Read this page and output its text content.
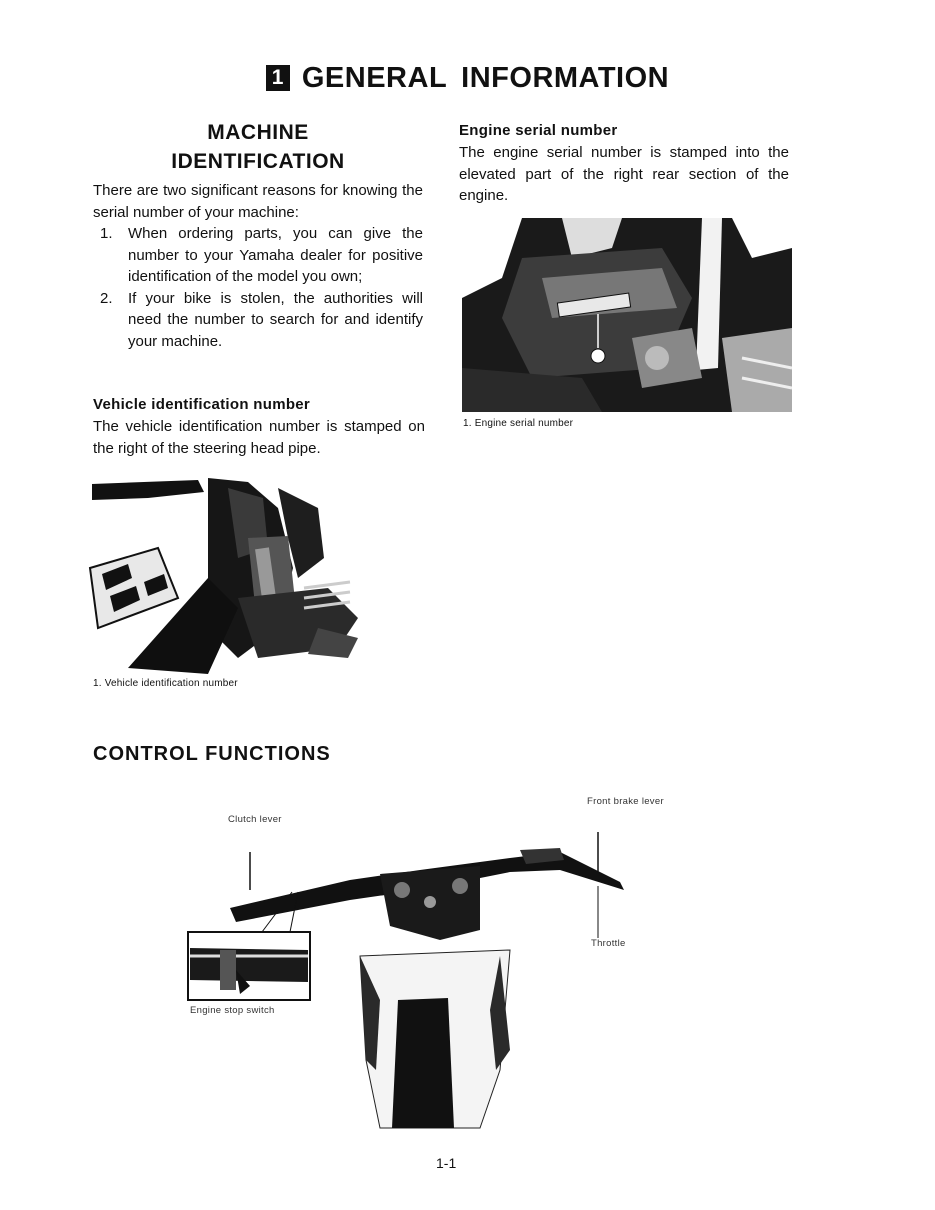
1 GENERAL INFORMATION
MACHINE
IDENTIFICATION
There are two significant reasons for knowing the serial number of your machine:
1. When ordering parts, you can give the number to your Yamaha dealer for positive identification of the model you own;
2. If your bike is stolen, the authorities will need the number to search for and identify your machine.
Vehicle identification number
The vehicle identification number is stamped on the right of the steering head pipe.
1. Vehicle identification number
Engine serial number
The engine serial number is stamped into the elevated part of the right rear section of the engine.
1. Engine serial number
CONTROL FUNCTIONS
Clutch lever
Front brake lever
Throttle
Engine stop switch
1-1
